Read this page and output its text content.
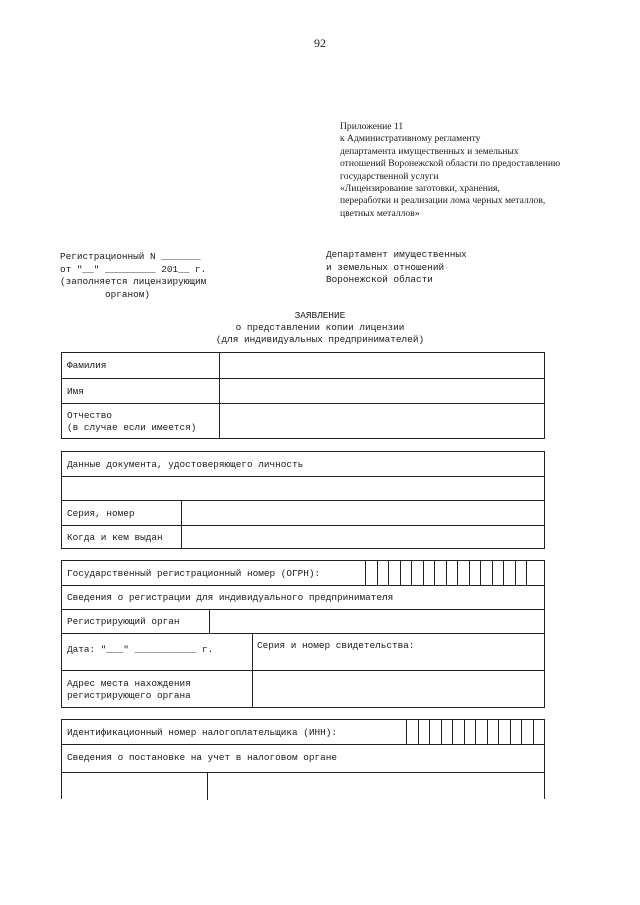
92
Приложение 11
к Административному регламенту
департамента имущественных и земельных
отношений Воронежской области по предоставлению
государственной услуги
«Лицензирование заготовки, хранения,
переработки и реализации лома черных металлов,
цветных металлов»
Регистрационный N _______
от "__" _________ 201__ г.
(заполняется лицензирующим
органом)
Департамент имущественных
и земельных отношений
Воронежской области
ЗАЯВЛЕНИЕ
о представлении копии лицензии
(для индивидуальных предпринимателей)
Фамилия
Имя
Отчество
(в случае если имеется)
Данные документа, удостоверяющего личность
Серия, номер
Когда и кем выдан
Государственный регистрационный номер (ОГРН):
Сведения о регистрации для индивидуального предпринимателя
Регистрирующий орган
Дата: "___" ___________ г.	Серия и номер свидетельства:
Адрес места нахождения
регистрирующего органа
Идентификационный номер налогоплательщика (ИНН):
Сведения о постановке на учет в налоговом органе
